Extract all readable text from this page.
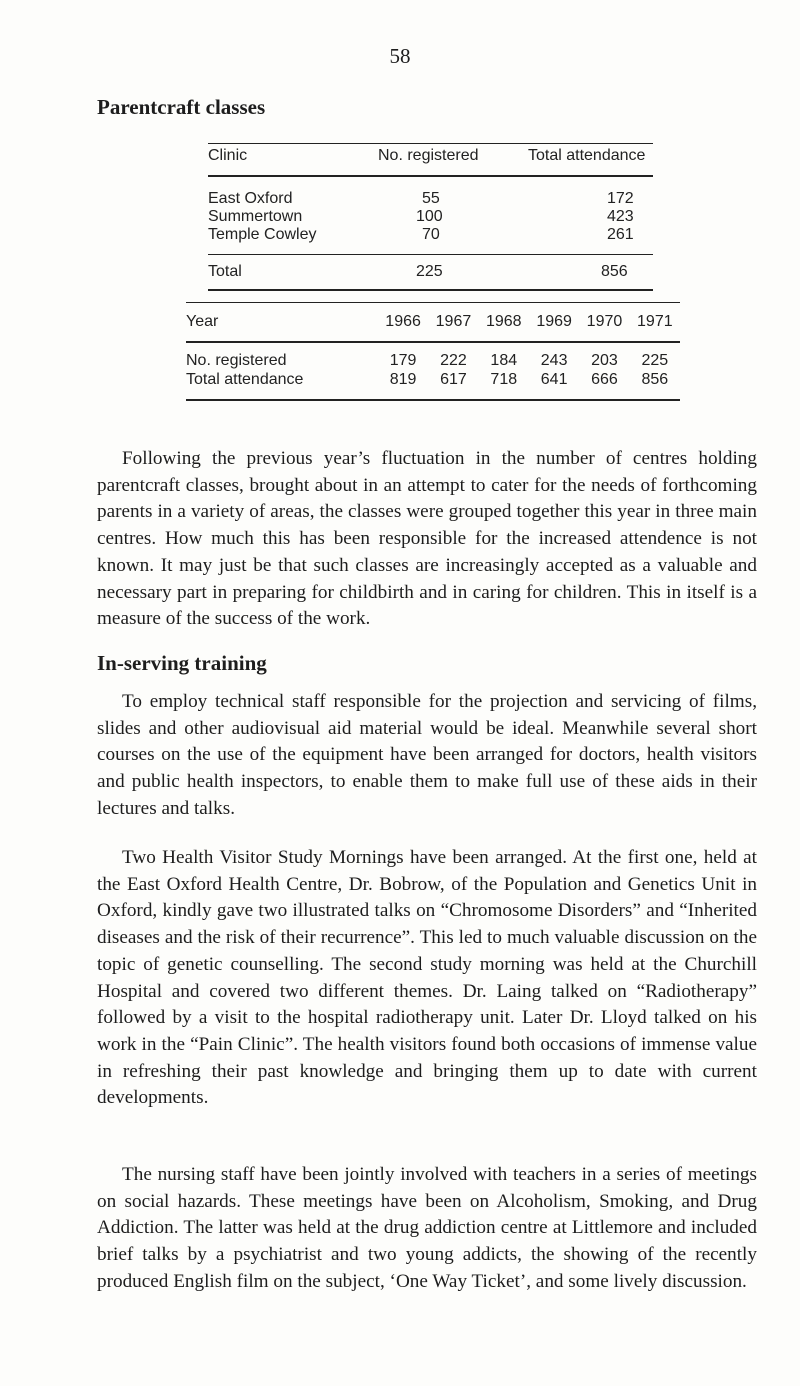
58
Parentcraft classes
Clinic	No. registered	Total attendance
East Oxford	55	172
Summertown	100	423
Temple Cowley	70	261
Total	225	856
Year	1966	1967	1968	1969	1970	1971
No. registered	179	222	184	243	203	225
Total attendance	819	617	718	641	666	856

Following the previous year’s fluctuation in the number of centres holding parentcraft classes, brought about in an attempt to cater for the needs of forthcoming parents in a variety of areas, the classes were grouped together this year in three main centres. How much this has been responsible for the increased attendence is not known. It may just be that such classes are increasingly accepted as a valuable and necessary part in preparing for childbirth and in caring for children. This in itself is a measure of the success of the work.

In-serving training

To employ technical staff responsible for the projection and servicing of films, slides and other audiovisual aid material would be ideal. Meanwhile several short courses on the use of the equipment have been arranged for doctors, health visitors and public health inspectors, to enable them to make full use of these aids in their lectures and talks.

Two Health Visitor Study Mornings have been arranged. At the first one, held at the East Oxford Health Centre, Dr. Bobrow, of the Population and Genetics Unit in Oxford, kindly gave two illustrated talks on “Chromosome Disorders” and “Inherited diseases and the risk of their recurrence”. This led to much valuable discussion on the topic of genetic counselling. The second study morning was held at the Churchill Hospital and covered two different themes. Dr. Laing talked on “Radiotherapy” followed by a visit to the hospital radiotherapy unit. Later Dr. Lloyd talked on his work in the “Pain Clinic”. The health visitors found both occasions of immense value in refreshing their past knowledge and bringing them up to date with current developments.

The nursing staff have been jointly involved with teachers in a series of meetings on social hazards. These meetings have been on Alcoholism, Smoking, and Drug Addiction. The latter was held at the drug addiction centre at Littlemore and included brief talks by a psychiatrist and two young addicts, the showing of the recently produced English film on the subject, ‘One Way Ticket’, and some lively discussion.
